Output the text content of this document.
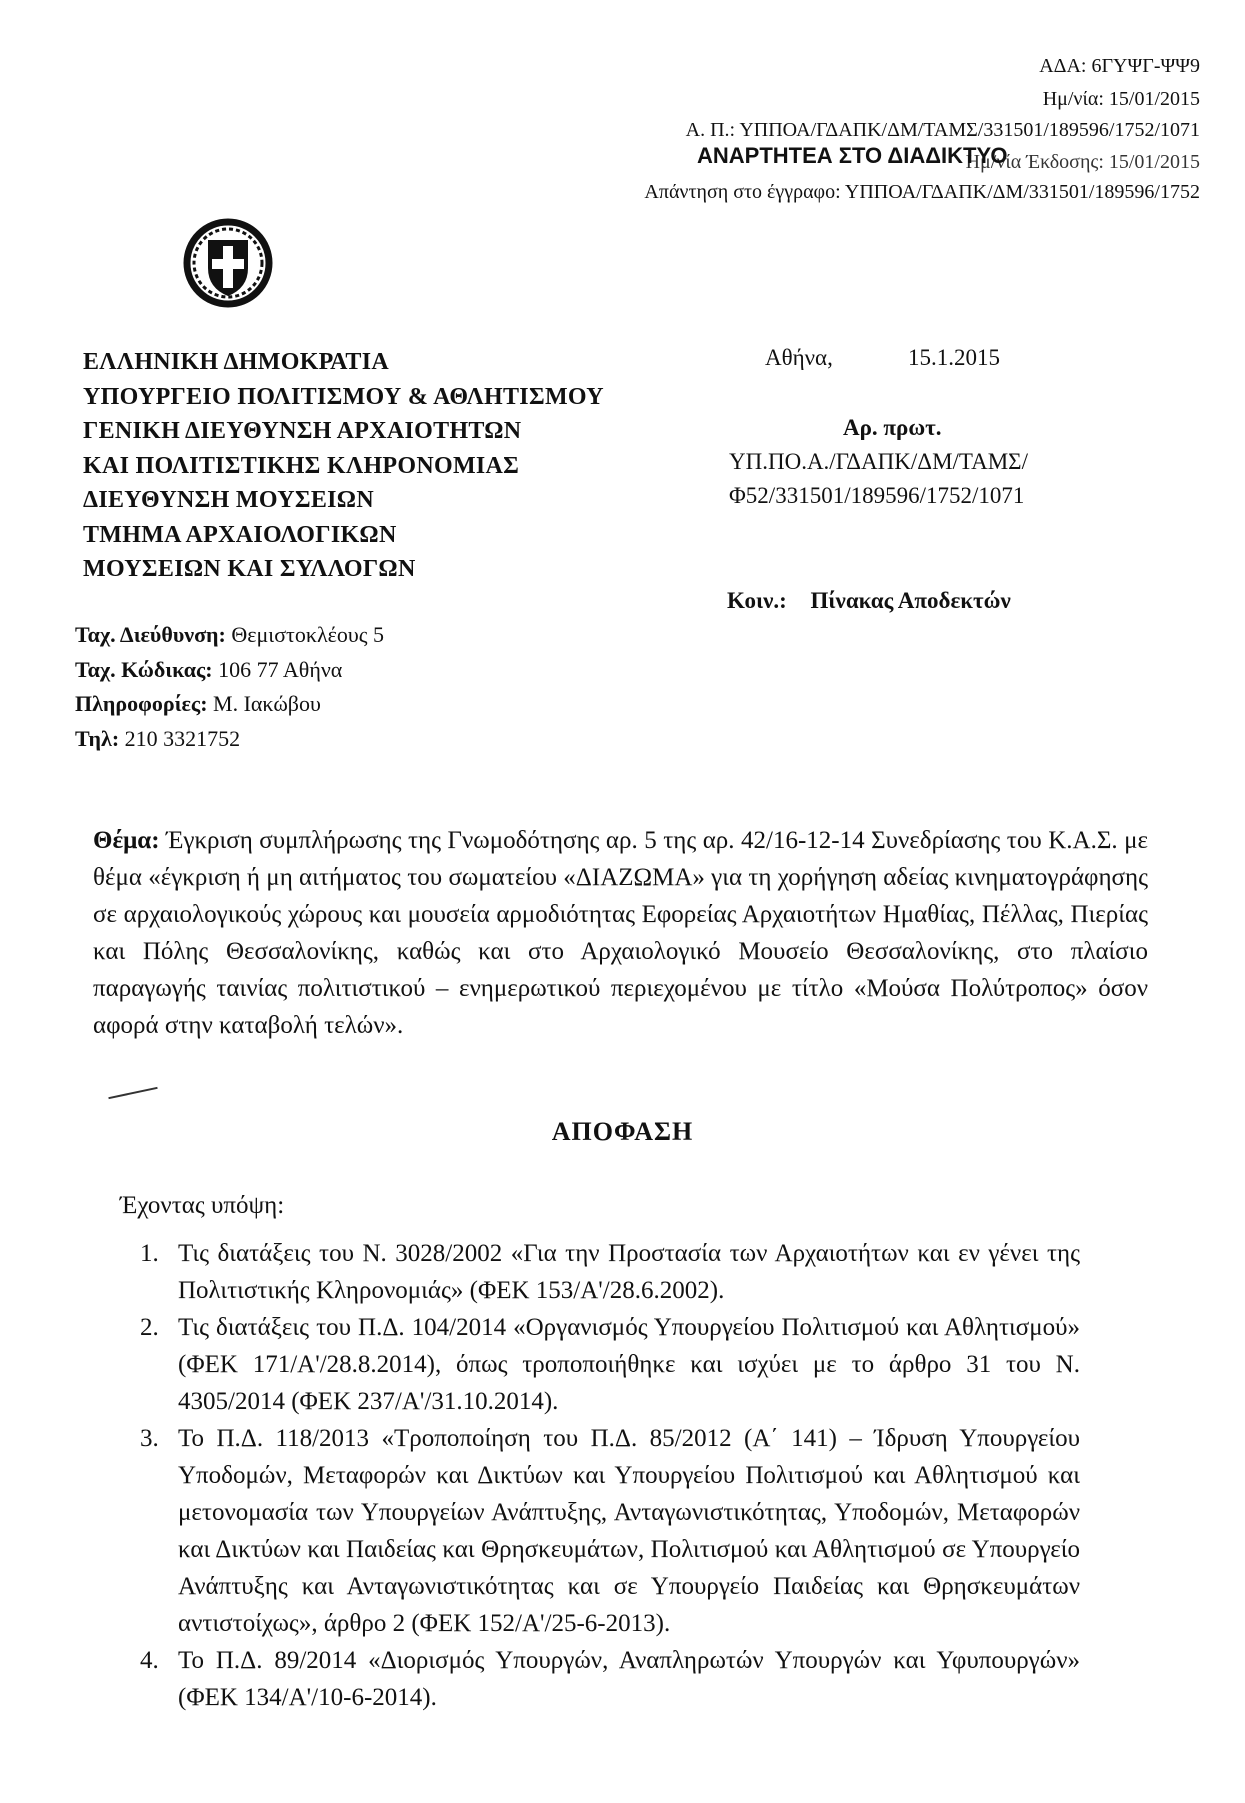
ΑΔΑ: 6ΓΥΨΓ-ΨΨ9
Ημ/νία: 15/01/2015
Α. Π.: ΥΠΠΟΑ/ΓΔΑΠΚ/ΔΜ/ΤΑΜΣ/331501/189596/1752/1071
ΑΝΑΡΤΗΤΕΑ ΣΤΟ ΔΙΑΔΙΚΤΥΟ
Ημ/νία Έκδοσης: 15/01/2015
Απάντηση στο έγγραφο: ΥΠΠΟΑ/ΓΔΑΠΚ/ΔΜ/331501/189596/1752
ΕΛΛΗΝΙΚΗ ΔΗΜΟΚΡΑΤΙΑ
ΥΠΟΥΡΓΕΙΟ ΠΟΛΙΤΙΣΜΟΥ & ΑΘΛΗΤΙΣΜΟΥ
ΓΕΝΙΚΗ ΔΙΕΥΘΥΝΣΗ ΑΡΧΑΙΟΤΗΤΩΝ
ΚΑΙ ΠΟΛΙΤΙΣΤΙΚΗΣ ΚΛΗΡΟΝΟΜΙΑΣ
ΔΙΕΥΘΥΝΣΗ ΜΟΥΣΕΙΩΝ
ΤΜΗΜΑ ΑΡΧΑΙΟΛΟΓΙΚΩΝ
ΜΟΥΣΕΙΩΝ ΚΑΙ ΣΥΛΛΟΓΩΝ
Ταχ. Διεύθυνση: Θεμιστοκλέους 5
Ταχ. Κώδικας: 106 77 Αθήνα
Πληροφορίες: Μ. Ιακώβου
Τηλ: 210 3321752
Αθήνα,	15.1.2015
Αρ. πρωτ.
ΥΠ.ΠΟ.Α./ΓΔΑΠΚ/ΔΜ/ΤΑΜΣ/
Φ52/331501/189596/1752/1071
Κοιν.: Πίνακας Αποδεκτών
Θέμα: Έγκριση συμπλήρωσης της Γνωμοδότησης αρ. 5 της αρ. 42/16-12-14 Συνεδρίασης του Κ.Α.Σ. με θέμα «έγκριση ή μη αιτήματος του σωματείου «ΔΙΑΖΩΜΑ» για τη χορήγηση αδείας κινηματογράφησης σε αρχαιολογικούς χώρους και μουσεία αρμοδιότητας Εφορείας Αρχαιοτήτων Ημαθίας, Πέλλας, Πιερίας και Πόλης Θεσσαλονίκης, καθώς και στο Αρχαιολογικό Μουσείο Θεσσαλονίκης, στο πλαίσιο παραγωγής ταινίας πολιτιστικού – ενημερωτικού περιεχομένου με τίτλο «Μούσα Πολύτροπος» όσον αφορά στην καταβολή τελών».
ΑΠΟΦΑΣΗ
Έχοντας υπόψη:
1. Τις διατάξεις του Ν. 3028/2002 «Για την Προστασία των Αρχαιοτήτων και εν γένει της Πολιτιστικής Κληρονομιάς» (ΦΕΚ 153/Α'/28.6.2002).
2. Τις διατάξεις του Π.Δ. 104/2014 «Οργανισμός Υπουργείου Πολιτισμού και Αθλητισμού» (ΦΕΚ 171/Α'/28.8.2014), όπως τροποποιήθηκε και ισχύει με το άρθρο 31 του Ν. 4305/2014 (ΦΕΚ 237/Α'/31.10.2014).
3. Το Π.Δ. 118/2013 «Τροποποίηση του Π.Δ. 85/2012 (Α΄ 141) – Ίδρυση Υπουργείου Υποδομών, Μεταφορών και Δικτύων και Υπουργείου Πολιτισμού και Αθλητισμού και μετονομασία των Υπουργείων Ανάπτυξης, Ανταγωνιστικότητας, Υποδομών, Μεταφορών και Δικτύων και Παιδείας και Θρησκευμάτων, Πολιτισμού και Αθλητισμού σε Υπουργείο Ανάπτυξης και Ανταγωνιστικότητας και σε Υπουργείο Παιδείας και Θρησκευμάτων αντιστοίχως», άρθρο 2 (ΦΕΚ 152/Α'/25-6-2013).
4. Το Π.Δ. 89/2014 «Διορισμός Υπουργών, Αναπληρωτών Υπουργών και Υφυπουργών» (ΦΕΚ 134/Α'/10-6-2014).
